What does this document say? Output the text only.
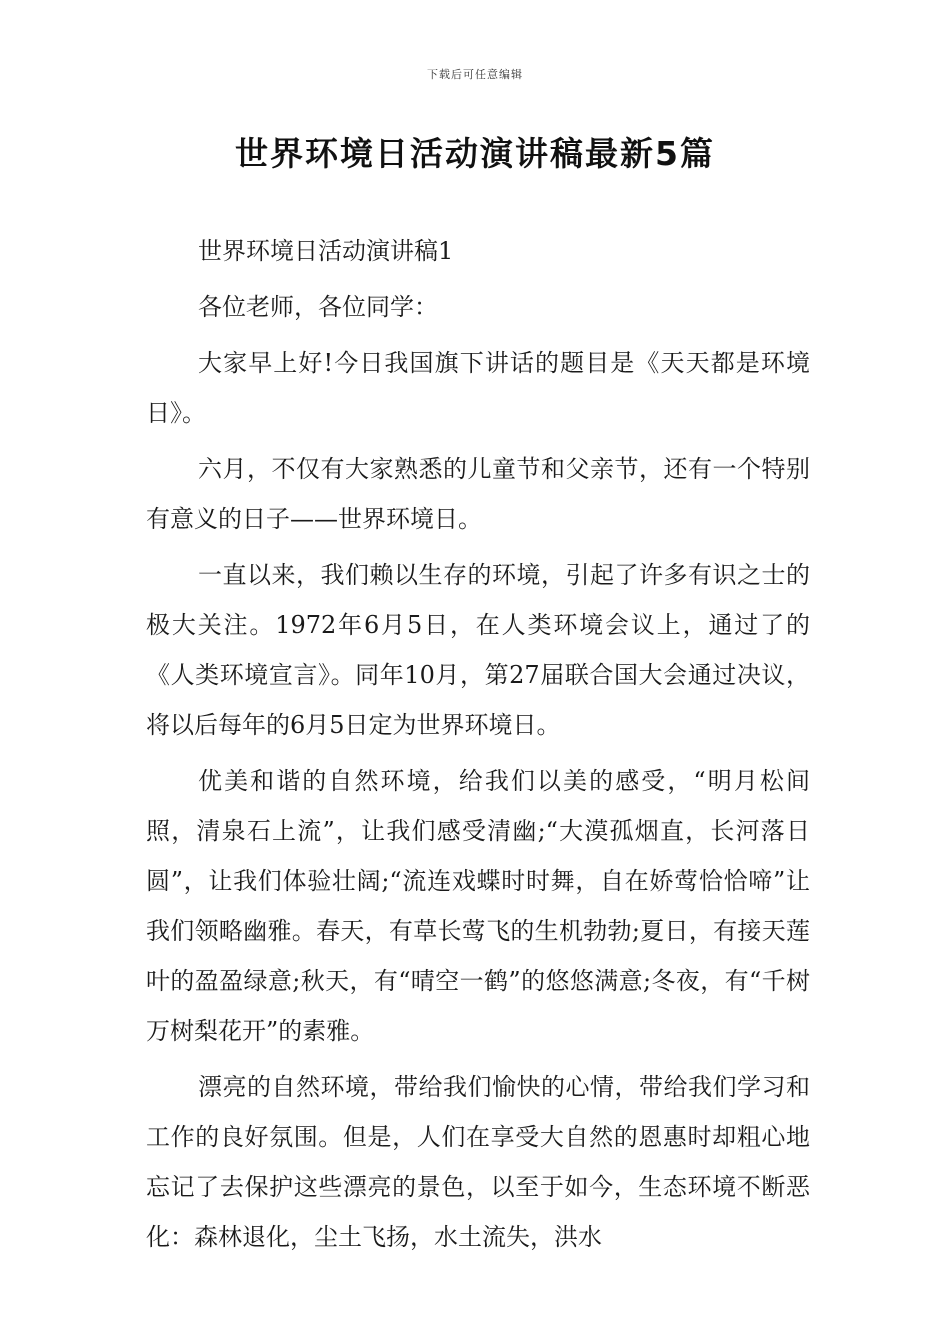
下载后可任意编辑
世界环境日活动演讲稿最新5篇

世界环境日活动演讲稿1

各位老师，各位同学：

大家早上好!今日我国旗下讲话的题目是《天天都是环境日》。

六月，不仅有大家熟悉的儿童节和父亲节，还有一个特别有意义的日子——世界环境日。

一直以来，我们赖以生存的环境，引起了许多有识之士的极大关注。1972年6月5日，在人类环境会议上，通过了的《人类环境宣言》。同年10月，第27届联合国大会通过决议，将以后每年的6月5日定为世界环境日。

优美和谐的自然环境，给我们以美的感受，“明月松间照，清泉石上流”，让我们感受清幽;“大漠孤烟直，长河落日圆”，让我们体验壮阔;“流连戏蝶时时舞，自在娇莺恰恰啼”让我们领略幽雅。春天，有草长莺飞的生机勃勃;夏日，有接天莲叶的盈盈绿意;秋天，有“晴空一鹤”的悠悠满意;冬夜，有“千树万树梨花开”的素雅。

漂亮的自然环境，带给我们愉快的心情，带给我们学习和工作的良好氛围。但是，人们在享受大自然的恩惠时却粗心地忘记了去保护这些漂亮的景色，以至于如今，生态环境不断恶化：森林退化，尘土飞扬，水土流失，洪水
